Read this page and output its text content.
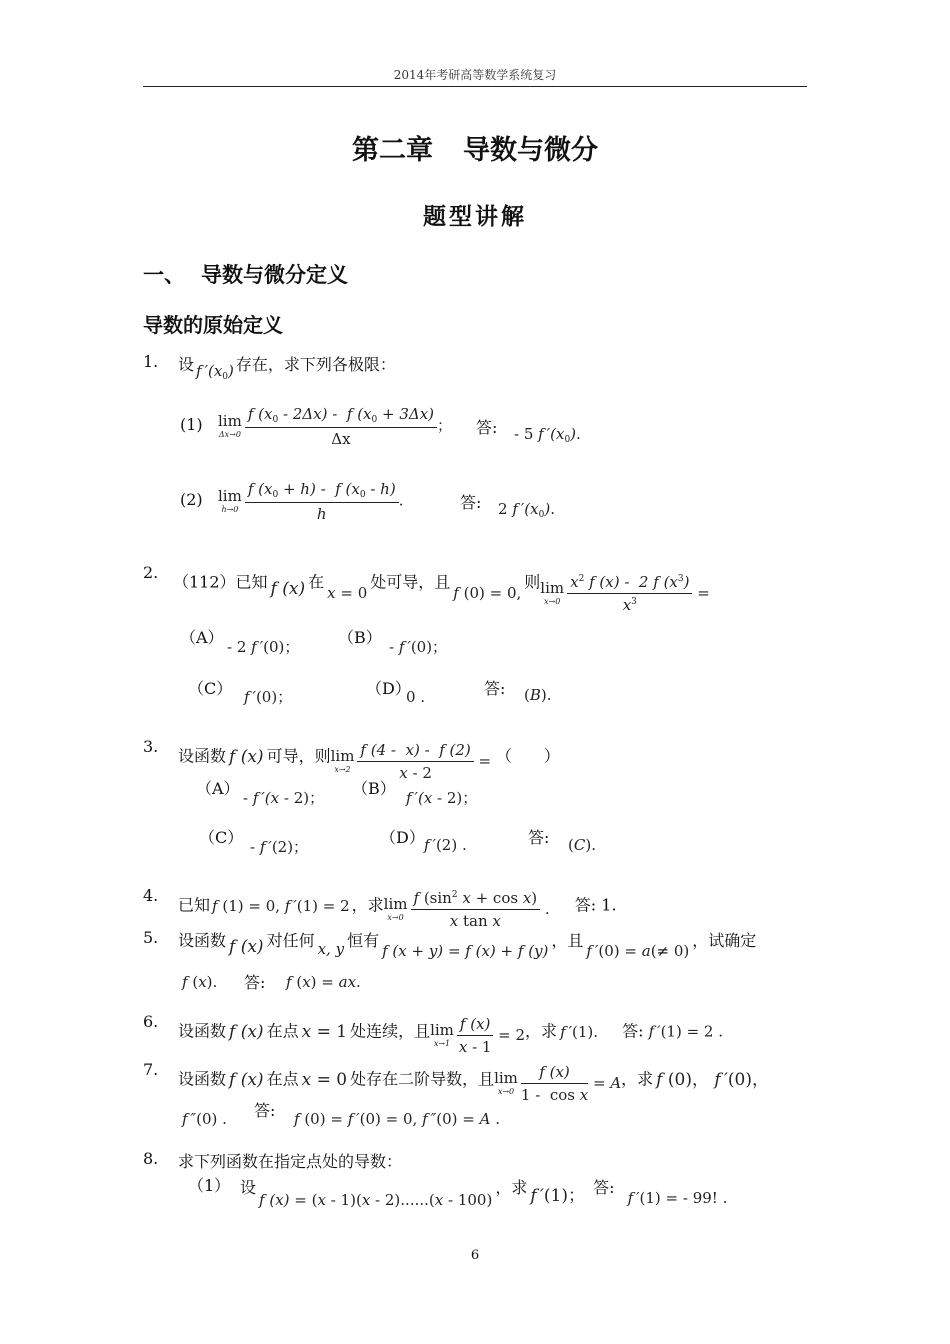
2014年考研高等数学系统复习
第二章 导数与微分
题型讲解
一、 导数与微分定义
导数的原始定义
1. 设 f $'(x_0)$ 存在，求下列各极限：
(1) lim
$\Delta x\to 0 \frac{f (x_0 - 2\Delta x) - f (x_0 + 3\Delta x)}{\Delta x}$ ； 答: - 5 f $'(x_0)$.
(2) lim
$h\to 0 \frac{f (x_0 + h) - f (x_0 - h)}{h}$ .	答: 2 f $'(x_0)$.
2. （112）已知 f (x) 在x = 0处可导，且f (0) = 0,则 lim
$x\to 0 \frac{x^2 f (x) - 2 f (x^3)}{x^3}$ =
（A） - 2 f ′(0)； （B） - f ′(0)；
（C） f ′(0)；	（D）
0 .	答: (B).
3. 设函数 f (x) 可导，则 lim
$x\to 2 \frac{f (4 - x) - f (2)}{x - 2}$ = （　　）
（A） - f ′(x - 2)； （B） f ′(x - 2)；
（C） - f ′(2)；	（D） f ′(2) .	答: (C).
4. 已知 f (1) = 0, f ′(1) = 2 ，求 lim
$x\to 0 \frac{f (\sin^2 x + \cos x)}{\text{x tan x}}$ . 答: 1.
5. 设函数 f (x) 对任何 x, y 恒有f (x + y) = f (x) + f (y)，且f ′(0) = a(≠ 0)，试确定
f (x). 答: f (x) = ax.
6. 设函数 f (x) 在点 x = 1 处连续，且 lim
$x\to 1 \frac{f (x)}{x - 1} = 2$，求 f ′(1). 答: f ′(1) = 2 .
7. 设函数 f (x) 在点 x = 0 处存在二阶导数，且 lim
$x\to 0 \frac{f (x)}{\text{1 -  cos x}} = A$，求 f (0)， f ′(0)，
f ″(0) . 答: f (0) = f ′(0) = 0, f ″(0) = A .
8. 求下列函数在指定点处的导数：
（1） 设f (x) = (x - 1)(x - 2)......(x - 100)，求 f ′(1)； 答: f ′(1) = - 99! .
6
